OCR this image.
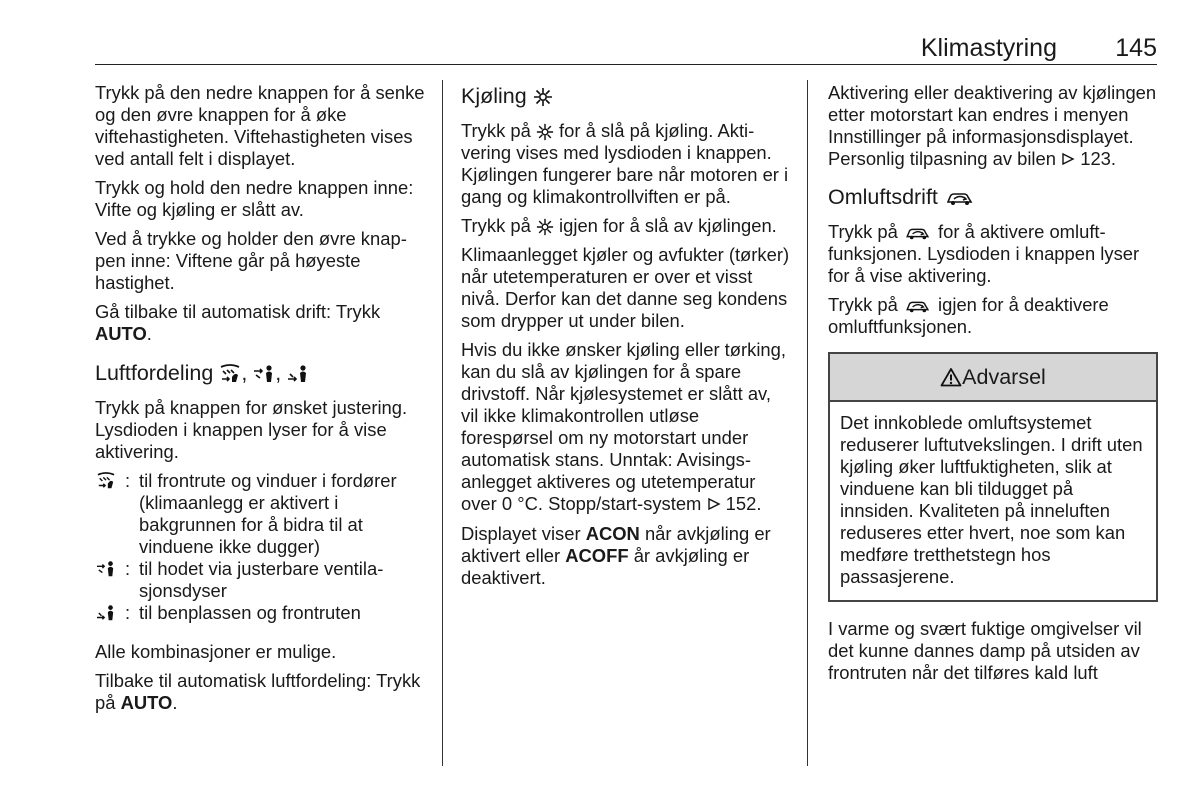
Klimastyring 145

Trykk på den nedre knappen for å senke og den øvre knappen for å øke viftehastigheten. Viftehastigheten vises ved antall felt i displayet.

Trykk og hold den nedre knappen inne: Vifte og kjøling er slått av.

Ved å trykke og holder den øvre knappen inne: Viftene går på høyeste hastighet.

Gå tilbake til automatisk drift: Trykk AUTO.

Luftfordeling , ,

Trykk på knappen for ønsket justering. Lysdioden i knappen lyser for å vise aktivering.

: til frontrute og vinduer i fordører (klimaanlegg er aktivert i bakgrunnen for å bidra til at vinduene ikke dugger)
: til hodet via justerbare ventilasjonsdyser
: til benplassen og frontruten

Alle kombinasjoner er mulige.

Tilbake til automatisk luftfordeling: Trykk på AUTO.

Kjøling

Trykk på
for å slå på kjøling. Aktivering vises med lysdioden i knappen. Kjølingen fungerer bare når motoren er i gang og klimakontrollviften er på.

Trykk på
igjen for å slå av kjølingen.

Klimaanlegget kjøler og avfukter (tørker) når utetemperaturen er over et visst nivå. Derfor kan det danne seg kondens som drypper ut under bilen.

Hvis du ikke ønsker kjøling eller tørking, kan du slå av kjølingen for å spare drivstoff. Når kjølesystemet er slått av, vil ikke klimakontrollen utløse forespørsel om ny motorstart under automatisk stans. Unntak: Avisingsanlegget aktiveres og utetemperatur over 0 °C. Stopp/start-system  152.

Displayet viser ACON når avkjøling er aktivert eller ACOFF år avkjøling er deaktivert.

Aktivering eller deaktivering av kjølingen etter motorstart kan endres i menyen Innstillinger på informasjonsdisplayet. Personlig tilpasning av bilen  123.

Omluftsdrift

Trykk på
for å aktivere omluftfunksjonen. Lysdioden i knappen lyser for å vise aktivering.

Trykk på
igjen for å deaktivere omluftfunksjonen.

Advarsel
Det innkoblede omluftsystemet reduserer luftutvekslingen. I drift uten kjøling øker luftfuktigheten, slik at vinduene kan bli tildugget på innsiden. Kvaliteten på inneluften reduseres etter hvert, noe som kan medføre tretthetstegn hos passasjerene.

I varme og svært fuktige omgivelser vil det kunne dannes damp på utsiden av frontruten når det tilføres kald luft
